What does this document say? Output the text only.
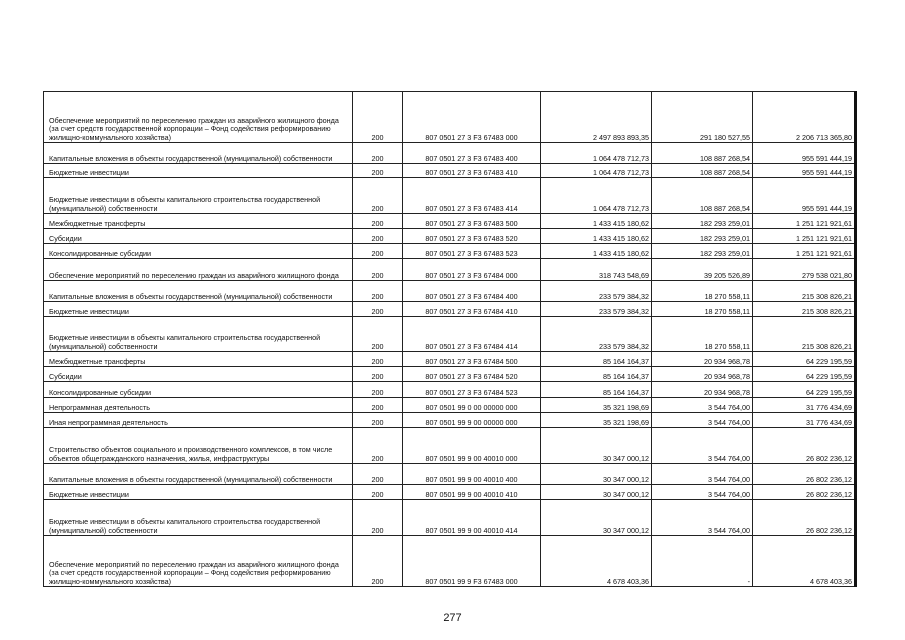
Обеспечение мероприятий по переселению граждан из аварийного жилищного фонда (за счет средств государственной корпорации – Фонд содействия реформированию жилищно-коммунального хозяйства)	200	807 0501 27 3 F3 67483 000	2 497 893 893,35	291 180 527,55	2 206 713 365,80

Капитальные вложения в объекты государственной (муниципальной) собственности	200	807 0501 27 3 F3 67483 400	1 064 478 712,73	108 887 268,54	955 591 444,19

Бюджетные инвестиции	200	807 0501 27 3 F3 67483 410	1 064 478 712,73	108 887 268,54	955 591 444,19

Бюджетные инвестиции в объекты капитального строительства государственной (муниципальной) собственности	200	807 0501 27 3 F3 67483 414	1 064 478 712,73	108 887 268,54	955 591 444,19

Межбюджетные трансферты	200	807 0501 27 3 F3 67483 500	1 433 415 180,62	182 293 259,01	1 251 121 921,61

Субсидии	200	807 0501 27 3 F3 67483 520	1 433 415 180,62	182 293 259,01	1 251 121 921,61

Консолидированные субсидии	200	807 0501 27 3 F3 67483 523	1 433 415 180,62	182 293 259,01	1 251 121 921,61

Обеспечение мероприятий по переселению граждан из аварийного жилищного фонда	200	807 0501 27 3 F3 67484 000	318 743 548,69	39 205 526,89	279 538 021,80

Капитальные вложения в объекты государственной (муниципальной) собственности	200	807 0501 27 3 F3 67484 400	233 579 384,32	18 270 558,11	215 308 826,21

Бюджетные инвестиции	200	807 0501 27 3 F3 67484 410	233 579 384,32	18 270 558,11	215 308 826,21

Бюджетные инвестиции в объекты капитального строительства государственной (муниципальной) собственности	200	807 0501 27 3 F3 67484 414	233 579 384,32	18 270 558,11	215 308 826,21

Межбюджетные трансферты	200	807 0501 27 3 F3 67484 500	85 164 164,37	20 934 968,78	64 229 195,59

Субсидии	200	807 0501 27 3 F3 67484 520	85 164 164,37	20 934 968,78	64 229 195,59

Консолидированные субсидии	200	807 0501 27 3 F3 67484 523	85 164 164,37	20 934 968,78	64 229 195,59

Непрограммная деятельность	200	807 0501 99 0 00 00000 000	35 321 198,69	3 544 764,00	31 776 434,69

Иная непрограммная деятельность	200	807 0501 99 9 00 00000 000	35 321 198,69	3 544 764,00	31 776 434,69

Строительство объектов социального и производственного комплексов, в том числе объектов общегражданского назначения, жилья, инфраструктуры	200	807 0501 99 9 00 40010 000	30 347 000,12	3 544 764,00	26 802 236,12

Капитальные вложения в объекты государственной (муниципальной) собственности	200	807 0501 99 9 00 40010 400	30 347 000,12	3 544 764,00	26 802 236,12

Бюджетные инвестиции	200	807 0501 99 9 00 40010 410	30 347 000,12	3 544 764,00	26 802 236,12

Бюджетные инвестиции в объекты капитального строительства государственной (муниципальной) собственности	200	807 0501 99 9 00 40010 414	30 347 000,12	3 544 764,00	26 802 236,12

Обеспечение мероприятий по переселению граждан из аварийного жилищного фонда (за счет средств государственной корпорации – Фонд содействия реформированию жилищно-коммунального хозяйства)	200	807 0501 99 9 F3 67483 000	4 678 403,36	-	4 678 403,36
277
